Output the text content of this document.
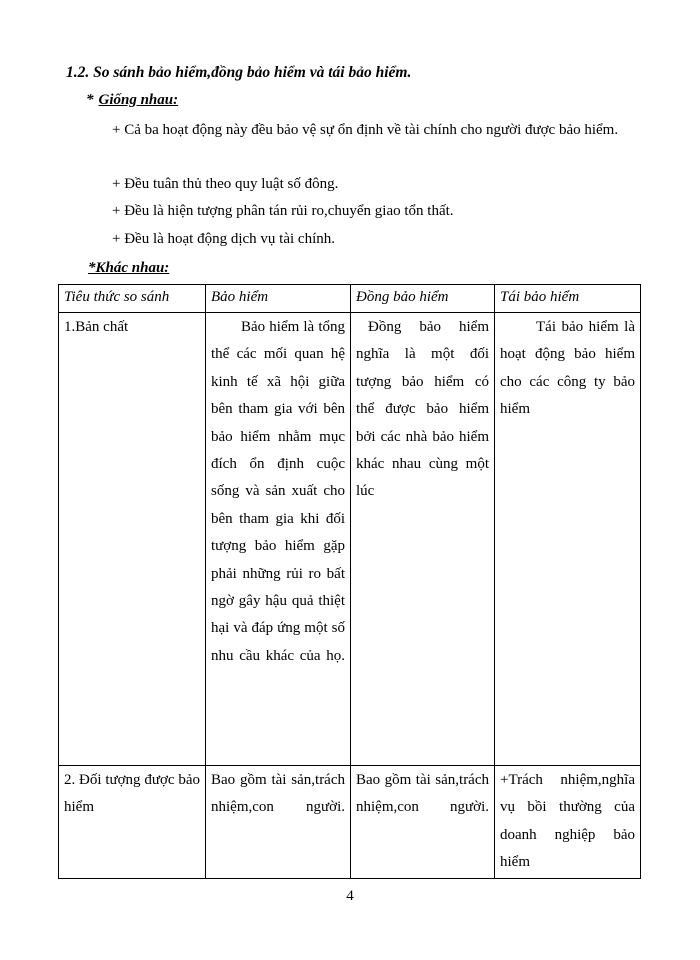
1.2. So sánh bảo hiểm,đồng bảo hiểm và tái bảo hiểm.
* Giống nhau:
+ Cả ba hoạt động này đều bảo vệ sự ổn định về tài chính cho người được bảo hiểm.
+ Đều tuân thủ theo quy luật số đông.
+ Đều là hiện tượng phân tán rủi ro,chuyển giao tổn thất.
+ Đều là hoạt động dịch vụ tài chính.
*Khác nhau:
Tiêu thức so sánh	Bảo hiểm	Đồng bảo hiểm	Tái bảo hiểm
1.Bản chất	Bảo hiểm là tổng thể các mối quan hệ kinh tế xã hội giữa bên tham gia với bên bảo hiểm nhằm mục đích ổn định cuộc sống và sản xuất cho bên tham gia khi đối tượng bảo hiểm gặp phải những rủi ro bất ngờ gây hậu quả thiệt hại và đáp ứng một số nhu cầu khác của họ.	Đồng bảo hiểm nghĩa là một đối tượng bảo hiểm có thể được bảo hiểm bởi các nhà bảo hiểm khác nhau cùng một lúc	Tái bảo hiểm là hoạt động bảo hiểm cho các công ty bảo hiểm
2. Đối tượng được bảo hiểm	Bao gồm tài sản,trách nhiệm,con người.	Bao gồm tài sản,trách nhiệm,con người.	+Trách nhiệm,nghĩa vụ bồi thường của doanh nghiệp bảo hiểm
4
